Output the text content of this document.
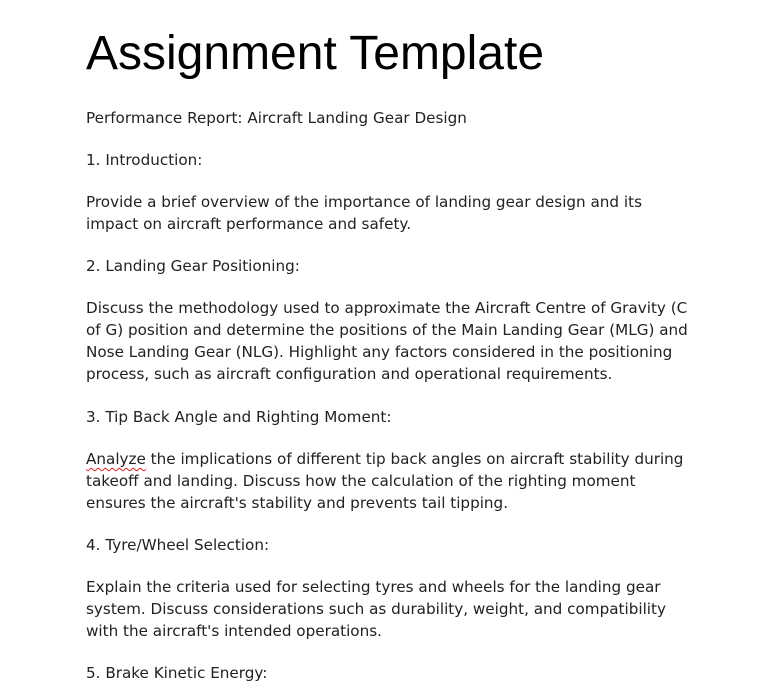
Assignment Template

Performance Report: Aircraft Landing Gear Design

1. Introduction:

Provide a brief overview of the importance of landing gear design and its impact on aircraft performance and safety.

2. Landing Gear Positioning:

Discuss the methodology used to approximate the Aircraft Centre of Gravity (C of G) position and determine the positions of the Main Landing Gear (MLG) and Nose Landing Gear (NLG). Highlight any factors considered in the positioning process, such as aircraft configuration and operational requirements.

3. Tip Back Angle and Righting Moment:

Analyze the implications of different tip back angles on aircraft stability during takeoff and landing. Discuss how the calculation of the righting moment ensures the aircraft's stability and prevents tail tipping.

4. Tyre/Wheel Selection:

Explain the criteria used for selecting tyres and wheels for the landing gear system. Discuss considerations such as durability, weight, and compatibility with the aircraft's intended operations.

5. Brake Kinetic Energy:
